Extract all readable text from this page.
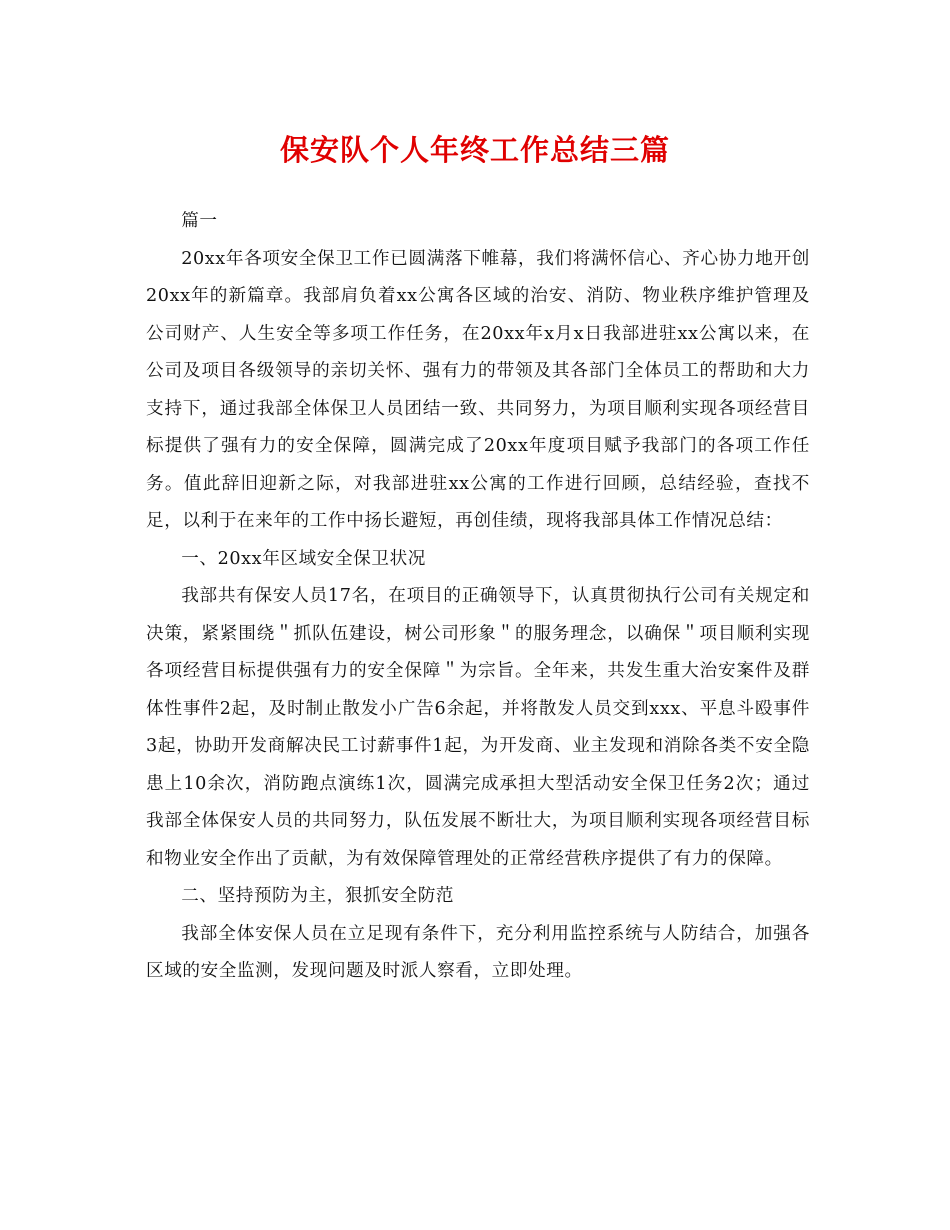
保安队个人年终工作总结三篇

篇一

20xx年各项安全保卫工作已圆满落下帷幕，我们将满怀信心、齐心协力地开创20xx年的新篇章。我部肩负着xx公寓各区域的治安、消防、物业秩序维护管理及公司财产、人生安全等多项工作任务，在20xx年x月x日我部进驻xx公寓以来，在公司及项目各级领导的亲切关怀、强有力的带领及其各部门全体员工的帮助和大力支持下，通过我部全体保卫人员团结一致、共同努力，为项目顺利实现各项经营目标提供了强有力的安全保障，圆满完成了20xx年度项目赋予我部门的各项工作任务。值此辞旧迎新之际，对我部进驻xx公寓的工作进行回顾，总结经验，查找不足，以利于在来年的工作中扬长避短，再创佳绩，现将我部具体工作情况总结：

一、20xx年区域安全保卫状况

我部共有保安人员17名，在项目的正确领导下，认真贯彻执行公司有关规定和决策，紧紧围绕＂抓队伍建设，树公司形象＂的服务理念，以确保＂项目顺利实现各项经营目标提供强有力的安全保障＂为宗旨。全年来，共发生重大治安案件及群体性事件2起，及时制止散发小广告6余起，并将散发人员交到xxx、平息斗殴事件3起，协助开发商解决民工讨薪事件1起，为开发商、业主发现和消除各类不安全隐患上10余次，消防跑点演练1次，圆满完成承担大型活动安全保卫任务2次；通过我部全体保安人员的共同努力，队伍发展不断壮大，为项目顺利实现各项经营目标和物业安全作出了贡献，为有效保障管理处的正常经营秩序提供了有力的保障。

二、坚持预防为主，狠抓安全防范

我部全体安保人员在立足现有条件下，充分利用监控系统与人防结合，加强各区域的安全监测，发现问题及时派人察看，立即处理。
